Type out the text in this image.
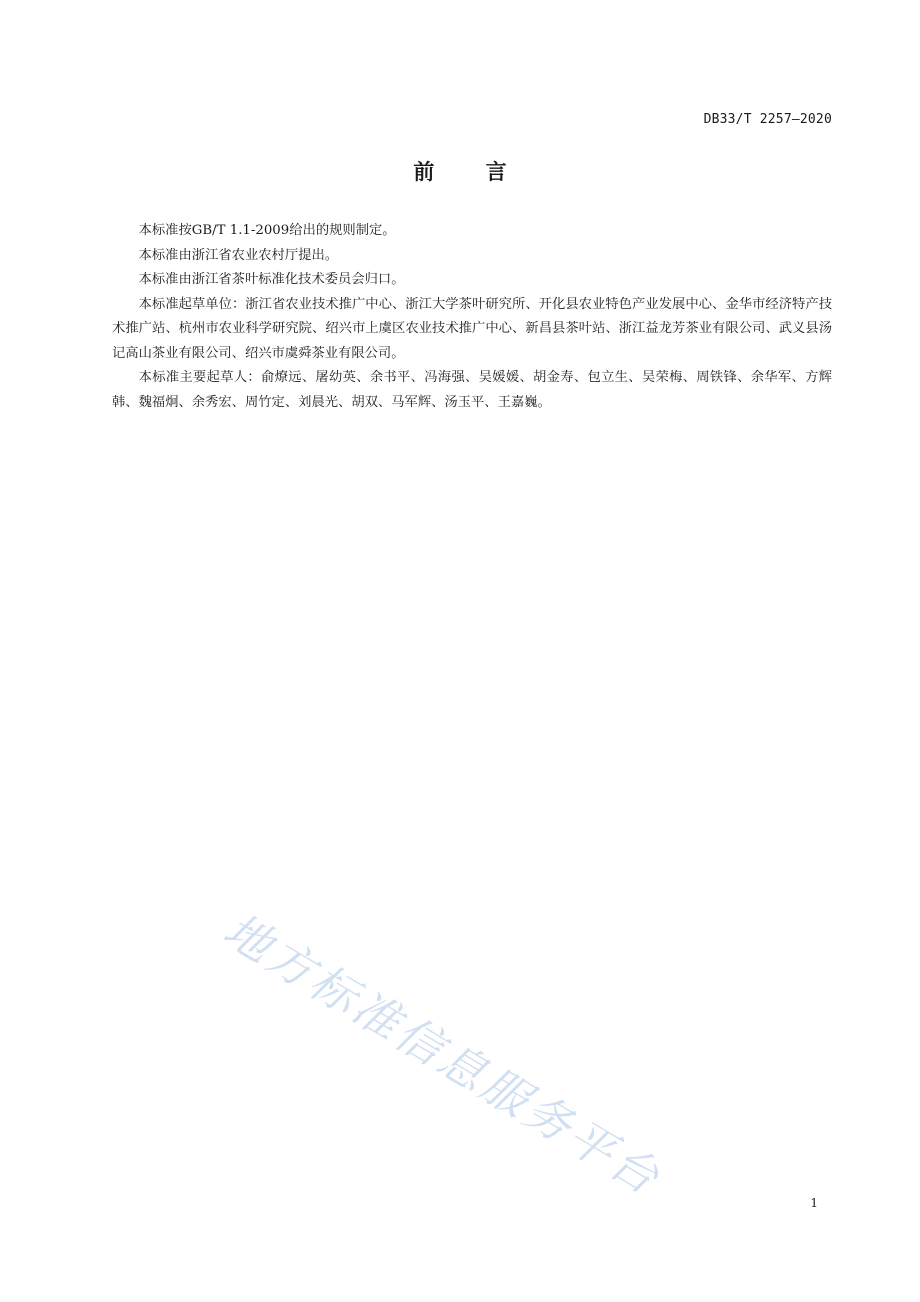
DB33/T 2257—2020
前 言

本标准按GB/T 1.1-2009给出的规则制定。

本标准由浙江省农业农村厅提出。

本标准由浙江省茶叶标准化技术委员会归口。

本标准起草单位：浙江省农业技术推广中心、浙江大学茶叶研究所、开化县农业特色产业发展中心、金华市经济特产技术推广站、杭州市农业科学研究院、绍兴市上虞区农业技术推广中心、新昌县茶叶站、浙江益龙芳茶业有限公司、武义县汤记高山茶业有限公司、绍兴市虞舜茶业有限公司。

本标准主要起草人：俞燎远、屠幼英、余书平、冯海强、吴媛媛、胡金寿、包立生、吴荣梅、周铁锋、余华军、方辉韩、魏福炯、余秀宏、周竹定、刘晨光、胡双、马军辉、汤玉平、王嘉巍。

地方标准信息服务平台	1
